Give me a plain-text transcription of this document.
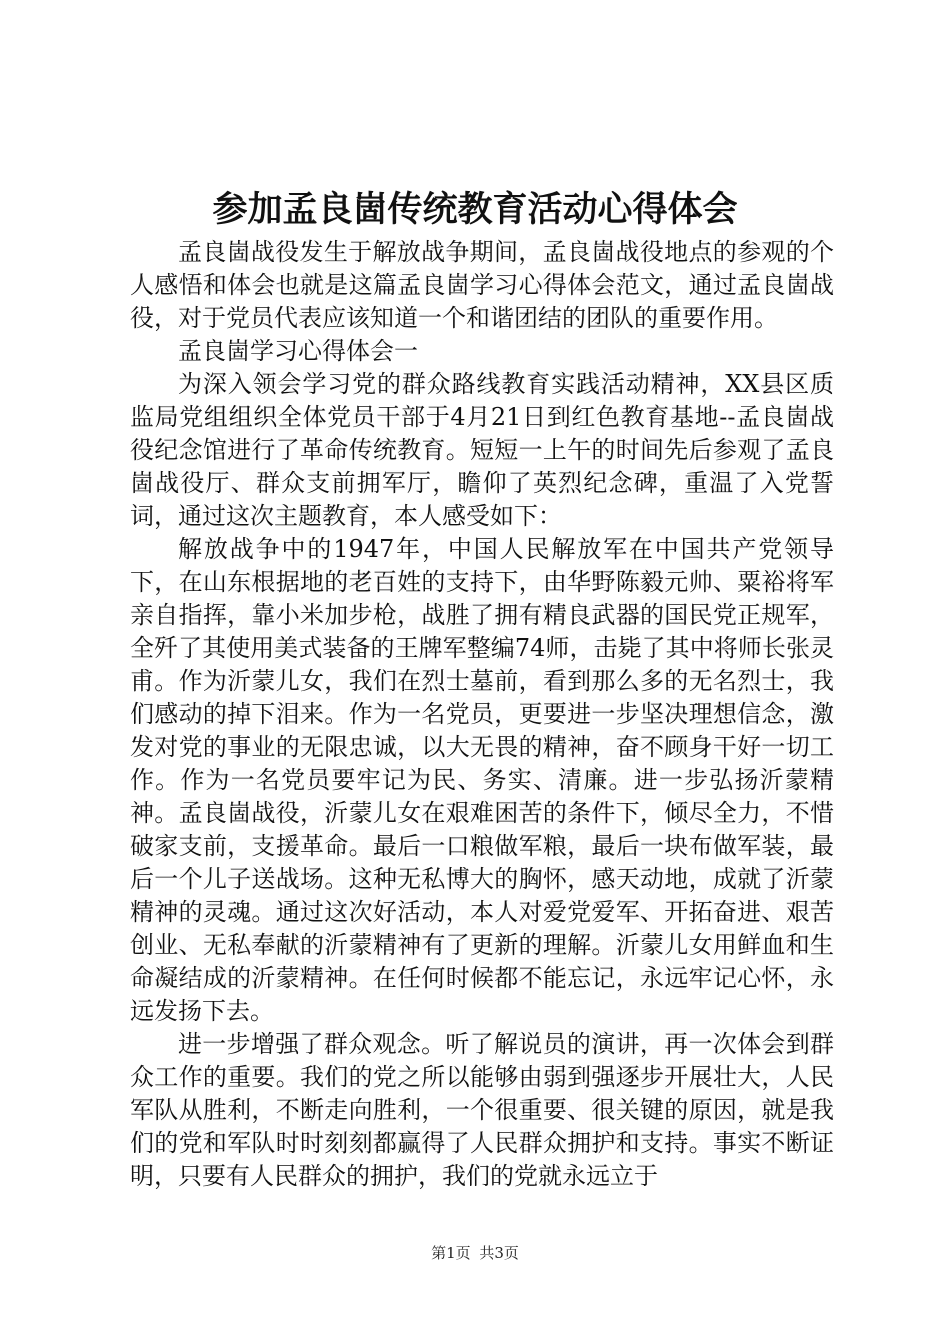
参加孟良崮传统教育活动心得体会

孟良崮战役发生于解放战争期间，孟良崮战役地点的参观的个人感悟和体会也就是这篇孟良崮学习心得体会范文，通过孟良崮战役，对于党员代表应该知道一个和谐团结的团队的重要作用。

孟良崮学习心得体会一

为深入领会学习党的群众路线教育实践活动精神，XX县区质监局党组组织全体党员干部于4月21日到红色教育基地--孟良崮战役纪念馆进行了革命传统教育。短短一上午的时间先后参观了孟良崮战役厅、群众支前拥军厅，瞻仰了英烈纪念碑，重温了入党誓词，通过这次主题教育，本人感受如下：

解放战争中的1947年，中国人民解放军在中国共产党领导下，在山东根据地的老百姓的支持下，由华野陈毅元帅、粟裕将军亲自指挥，靠小米加步枪，战胜了拥有精良武器的国民党正规军，全歼了其使用美式装备的王牌军整编74师，击毙了其中将师长张灵甫。作为沂蒙儿女，我们在烈士墓前，看到那么多的无名烈士，我们感动的掉下泪来。作为一名党员，更要进一步坚决理想信念，激发对党的事业的无限忠诚，以大无畏的精神，奋不顾身干好一切工作。作为一名党员要牢记为民、务实、清廉。进一步弘扬沂蒙精神。孟良崮战役，沂蒙儿女在艰难困苦的条件下，倾尽全力，不惜破家支前，支援革命。最后一口粮做军粮，最后一块布做军装，最后一个儿子送战场。这种无私博大的胸怀，感天动地，成就了沂蒙精神的灵魂。通过这次好活动，本人对爱党爱军、开拓奋进、艰苦创业、无私奉献的沂蒙精神有了更新的理解。沂蒙儿女用鲜血和生命凝结成的沂蒙精神。在任何时候都不能忘记，永远牢记心怀，永远发扬下去。

进一步增强了群众观念。听了解说员的演讲，再一次体会到群众工作的重要。我们的党之所以能够由弱到强逐步开展壮大，人民军队从胜利，不断走向胜利，一个很重要、很关键的原因，就是我们的党和军队时时刻刻都赢得了人民群众拥护和支持。事实不断证明，只要有人民群众的拥护，我们的党就永远立于

第1页 共3页
